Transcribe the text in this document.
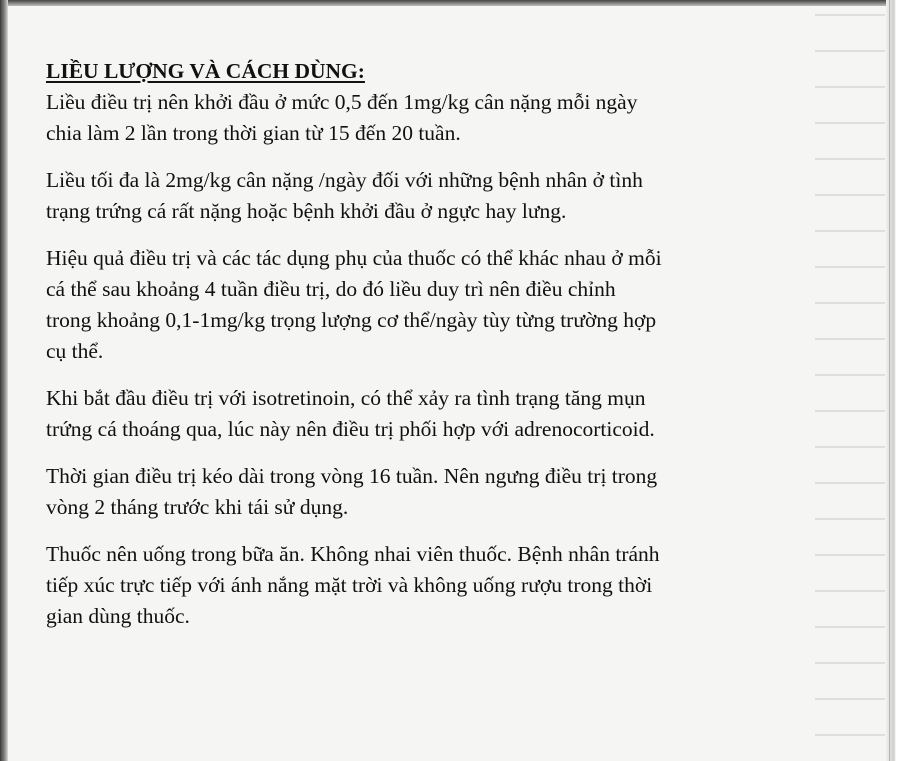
LIỀU LƯỢNG VÀ CÁCH DÙNG:
Liều điều trị nên khởi đầu ở mức 0,5 đến 1mg/kg cân nặng mỗi ngày
chia làm 2 lần trong thời gian từ 15 đến 20 tuần.
Liều tối đa là 2mg/kg cân nặng /ngày đối với những bệnh nhân ở tình
trạng trứng cá rất nặng hoặc bệnh khởi đầu ở ngực hay lưng.
Hiệu quả điều trị và các tác dụng phụ của thuốc có thể khác nhau ở mỗi
cá thể sau khoảng 4 tuần điều trị, do đó liều duy trì nên điều chỉnh
trong khoảng 0,1-1mg/kg trọng lượng cơ thể/ngày tùy từng trường hợp
cụ thể.
Khi bắt đầu điều trị với isotretinoin, có thể xảy ra tình trạng tăng mụn
trứng cá thoáng qua, lúc này nên điều trị phối hợp với adrenocorticoid.
Thời gian điều trị kéo dài trong vòng 16 tuần. Nên ngưng điều trị trong
vòng 2 tháng trước khi tái sử dụng.
Thuốc nên uống trong bữa ăn. Không nhai viên thuốc. Bệnh nhân tránh
tiếp xúc trực tiếp với ánh nắng mặt trời và không uống rượu trong thời
gian dùng thuốc.
